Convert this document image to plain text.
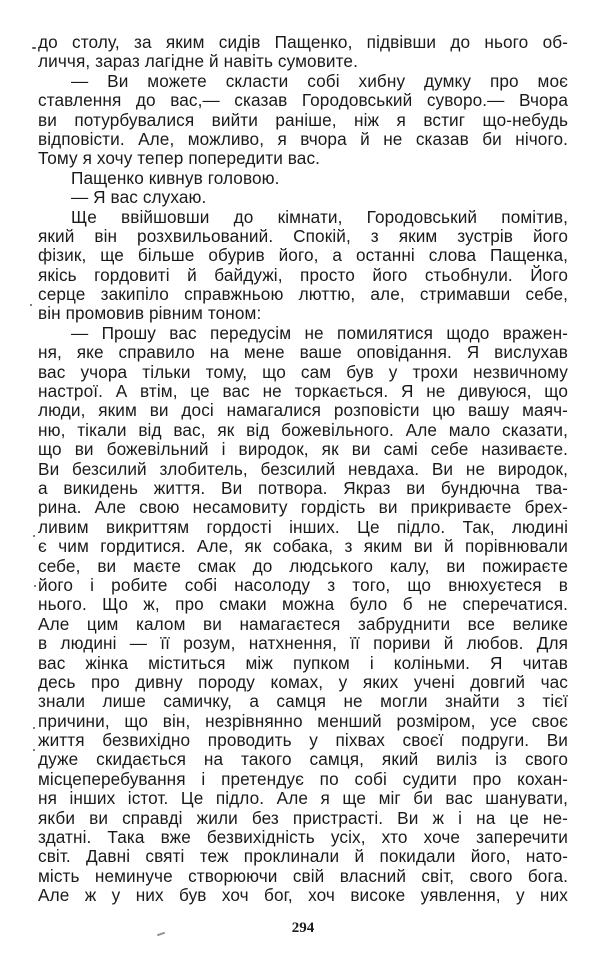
до столу, за яким сидів Пащенко, підвівши до нього об-
личчя, зараз лагідне й навіть сумовите.
— Ви можете скласти собі хибну думку про моє
ставлення до вас,— сказав Городовський суворо.— Вчора
ви потурбувалися вийти раніше, ніж я встиг що-небудь
відповісти. Але, можливо, я вчора й не сказав би нічого.
Тому я хочу тепер попередити вас.
Пащенко кивнув головою.
— Я вас слухаю.
Ще ввійшовши до кімнати, Городовський помітив,
який він розхвильований. Спокій, з яким зустрів його
фізик, ще більше обурив його, а останні слова Пащенка,
якісь гордовиті й байдужі, просто його стьобнули. Його
серце закипіло справжньою люттю, але, стримавши себе,
він промовив рівним тоном:
— Прошу вас передусім не помилятися щодо вражен-
ня, яке справило на мене ваше оповідання. Я вислухав
вас учора тільки тому, що сам був у трохи незвичному
настрої. А втім, це вас не торкається. Я не дивуюся, що
люди, яким ви досі намагалися розповісти цю вашу маяч-
ню, тікали від вас, як від божевільного. Але мало сказати,
що ви божевільний і виродок, як ви самі себе називаєте.
Ви безсилий злобитель, безсилий невдаха. Ви не виродок,
а викидень життя. Ви потвора. Якраз ви бундючна тва-
рина. Але свою несамовиту гордість ви прикриваєте брех-
ливим викриттям гордості інших. Це підло. Так, людині
є чим гордитися. Але, як собака, з яким ви й порівнювали
себе, ви маєте смак до людського калу, ви пожираєте
його і робите собі насолоду з того, що внюхуєтеся в
нього. Що ж, про смаки можна було б не сперечатися.
Але цим калом ви намагаєтеся забруднити все велике
в людині — її розум, натхнення, її пориви й любов. Для
вас жінка міститься між пупком і коліньми. Я читав
десь про дивну породу комах, у яких учені довгий час
знали лише самичку, а самця не могли знайти з тієї
причини, що він, незрівнянно менший розміром, усе своє
життя безвихідно проводить у піхвах своєї подруги. Ви
дуже скидається на такого самця, який виліз із свого
місцеперебування і претендує по собі судити про кохан-
ня інших істот. Це підло. Але я ще міг би вас шанувати,
якби ви справді жили без пристрасті. Ви ж і на це не-
здатні. Така вже безвихідність усіх, хто хоче заперечити
світ. Давні святі теж проклинали й покидали його, нато-
мість неминуче створюючи свій власний світ, свого бога.
Але ж у них був хоч бог, хоч високе уявлення, у них
294
